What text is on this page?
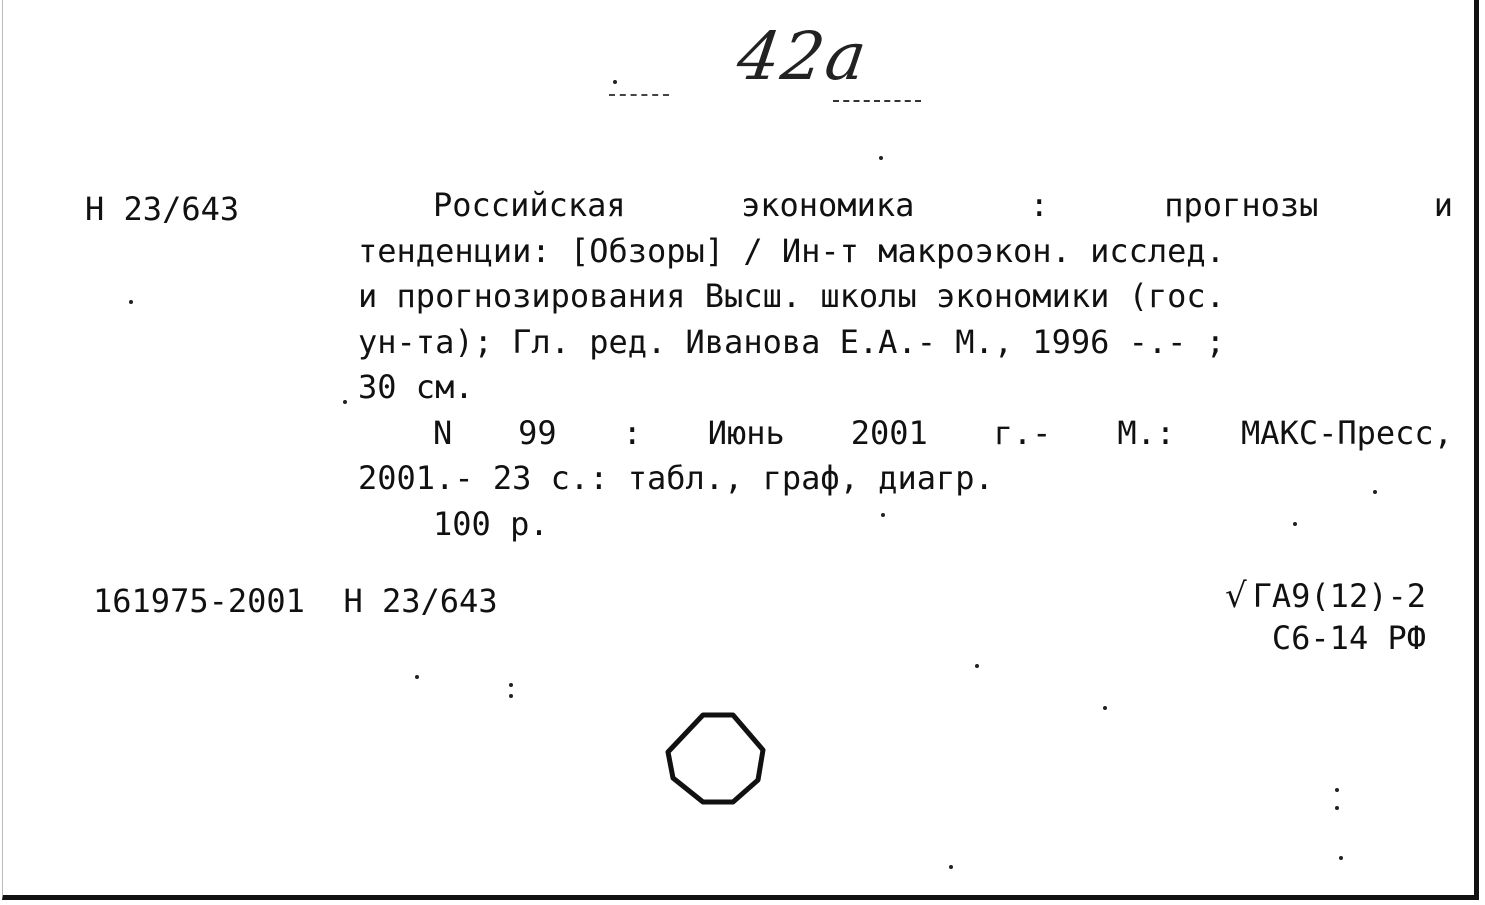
42а
Н 23/643	Российская	экономика	:	прогнозы	и
тенденции: [Обзоры] / Ин-т макроэкон. исслед.
и прогнозирования Высш. школы экономики (гос.
ун-та); Гл. ред. Иванова Е.А.- М., 1996 -.- ;
30 см.
N 99 : Июнь 2001 г.- М.: МАКС-Пресс,
2001.- 23 с.: табл., граф, диагр.
100 р.
161975-2001  Н 23/643	√ ГА9(12)-2
С6-14 РФ
